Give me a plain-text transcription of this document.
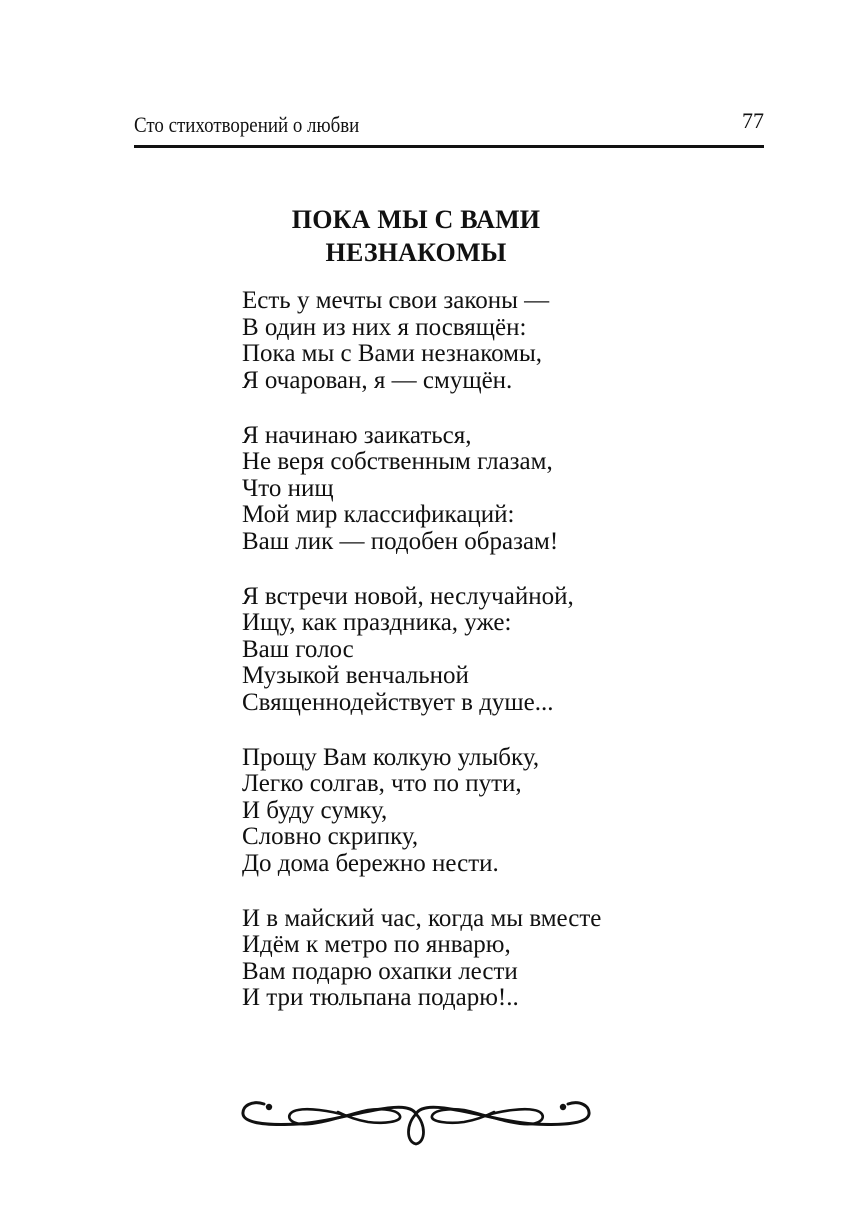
Сто стихотворений о любви	77
ПОКА МЫ С ВАМИ
НЕЗНАКОМЫ
Есть у мечты свои законы —
В один из них я посвящён:
Пока мы с Вами незнакомы,
Я очарован, я — смущён.
Я начинаю заикаться,
Не веря собственным глазам,
Что нищ
Мой мир классификаций:
Ваш лик — подобен образам!
Я встречи новой, неслучайной,
Ищу, как праздника, уже:
Ваш голос
Музыкой венчальной
Священнодействует в душе...
Прощу Вам колкую улыбку,
Легко солгав, что по пути,
И буду сумку,
Словно скрипку,
До дома бережно нести.
И в майский час, когда мы вместе
Идём к метро по январю,
Вам подарю охапки лести
И три тюльпана подарю!..
